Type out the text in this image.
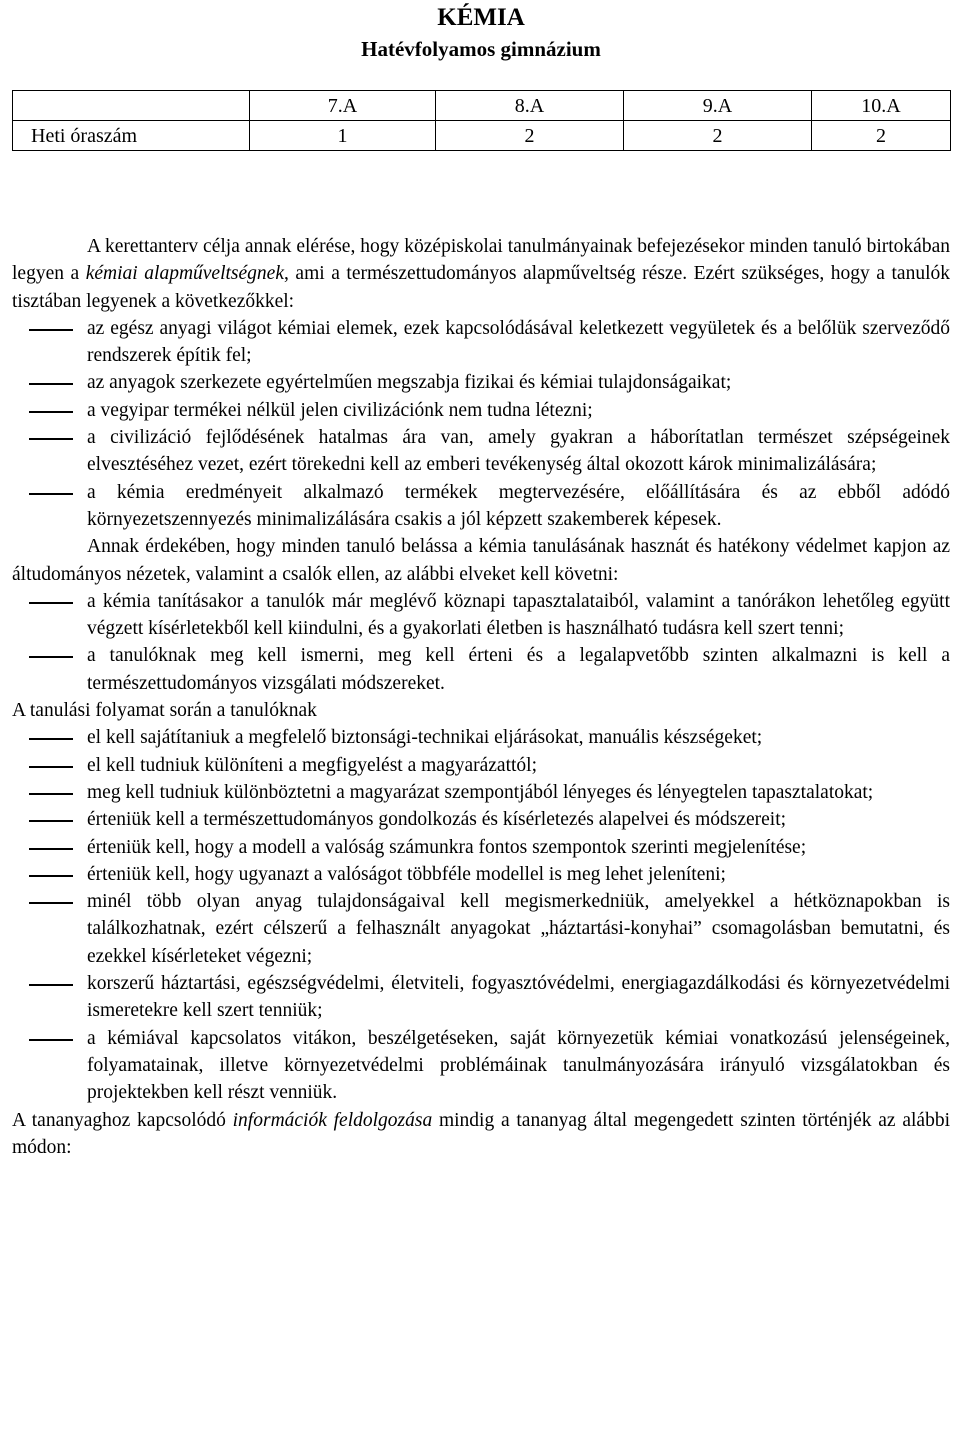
KÉMIA
Hatévfolyamos gimnázium
	7.A	8.A	9.A	10.A
Heti óraszám	1	2	2	2

A kerettanterv célja annak elérése, hogy középiskolai tanulmányainak befejezésekor minden tanuló birtokában legyen a kémiai alapműveltségnek, ami a természettudományos alapműveltség része. Ezért szükséges, hogy a tanulók tisztában legyenek a következőkkel:

az egész anyagi világot kémiai elemek, ezek kapcsolódásával keletkezett vegyületek és a belőlük szerveződő rendszerek építik fel;
az anyagok szerkezete egyértelműen megszabja fizikai és kémiai tulajdonságaikat;
a vegyipar termékei nélkül jelen civilizációnk nem tudna létezni;
a civilizáció fejlődésének hatalmas ára van, amely gyakran a háborítatlan természet szépségeinek elvesztéséhez vezet, ezért törekedni kell az emberi tevékenység által okozott károk minimalizálására;
a kémia eredményeit alkalmazó termékek megtervezésére, előállítására és az ebből adódó környezetszennyezés minimalizálására csakis a jól képzett szakemberek képesek.

Annak érdekében, hogy minden tanuló belássa a kémia tanulásának hasznát és hatékony védelmet kapjon az áltudományos nézetek, valamint a csalók ellen, az alábbi elveket kell követni:

a kémia tanításakor a tanulók már meglévő köznapi tapasztalataiból, valamint a tanórákon lehetőleg együtt végzett kísérletekből kell kiindulni, és a gyakorlati életben is használható tudásra kell szert tenni;
a tanulóknak meg kell ismerni, meg kell érteni és a legalapvetőbb szinten alkalmazni is kell a természettudományos vizsgálati módszereket.

A tanulási folyamat során a tanulóknak

el kell sajátítaniuk a megfelelő biztonsági-technikai eljárásokat, manuális készségeket;
el kell tudniuk különíteni a megfigyelést a magyarázattól;
meg kell tudniuk különböztetni a magyarázat szempontjából lényeges és lényegtelen tapasztalatokat;
érteniük kell a természettudományos gondolkozás és kísérletezés alapelvei és módszereit;
érteniük kell, hogy a modell a valóság számunkra fontos szempontok szerinti megjelenítése;
érteniük kell, hogy ugyanazt a valóságot többféle modellel is meg lehet jeleníteni;
minél több olyan anyag tulajdonságaival kell megismerkedniük, amelyekkel a hétköznapokban is találkozhatnak, ezért célszerű a felhasznált anyagokat „háztartási-konyhai” csomagolásban bemutatni, és ezekkel kísérleteket végezni;
korszerű háztartási, egészségvédelmi, életviteli, fogyasztóvédelmi, energiagazdálkodási és környezetvédelmi ismeretekre kell szert tenniük;
a kémiával kapcsolatos vitákon, beszélgetéseken, saját környezetük kémiai vonatkozású jelenségeinek, folyamatainak, illetve környezetvédelmi problémáinak tanulmányozására irányuló vizsgálatokban és projektekben kell részt venniük.

A tananyaghoz kapcsolódó információk feldolgozása mindig a tananyag által megengedett szinten történjék az alábbi módon:
